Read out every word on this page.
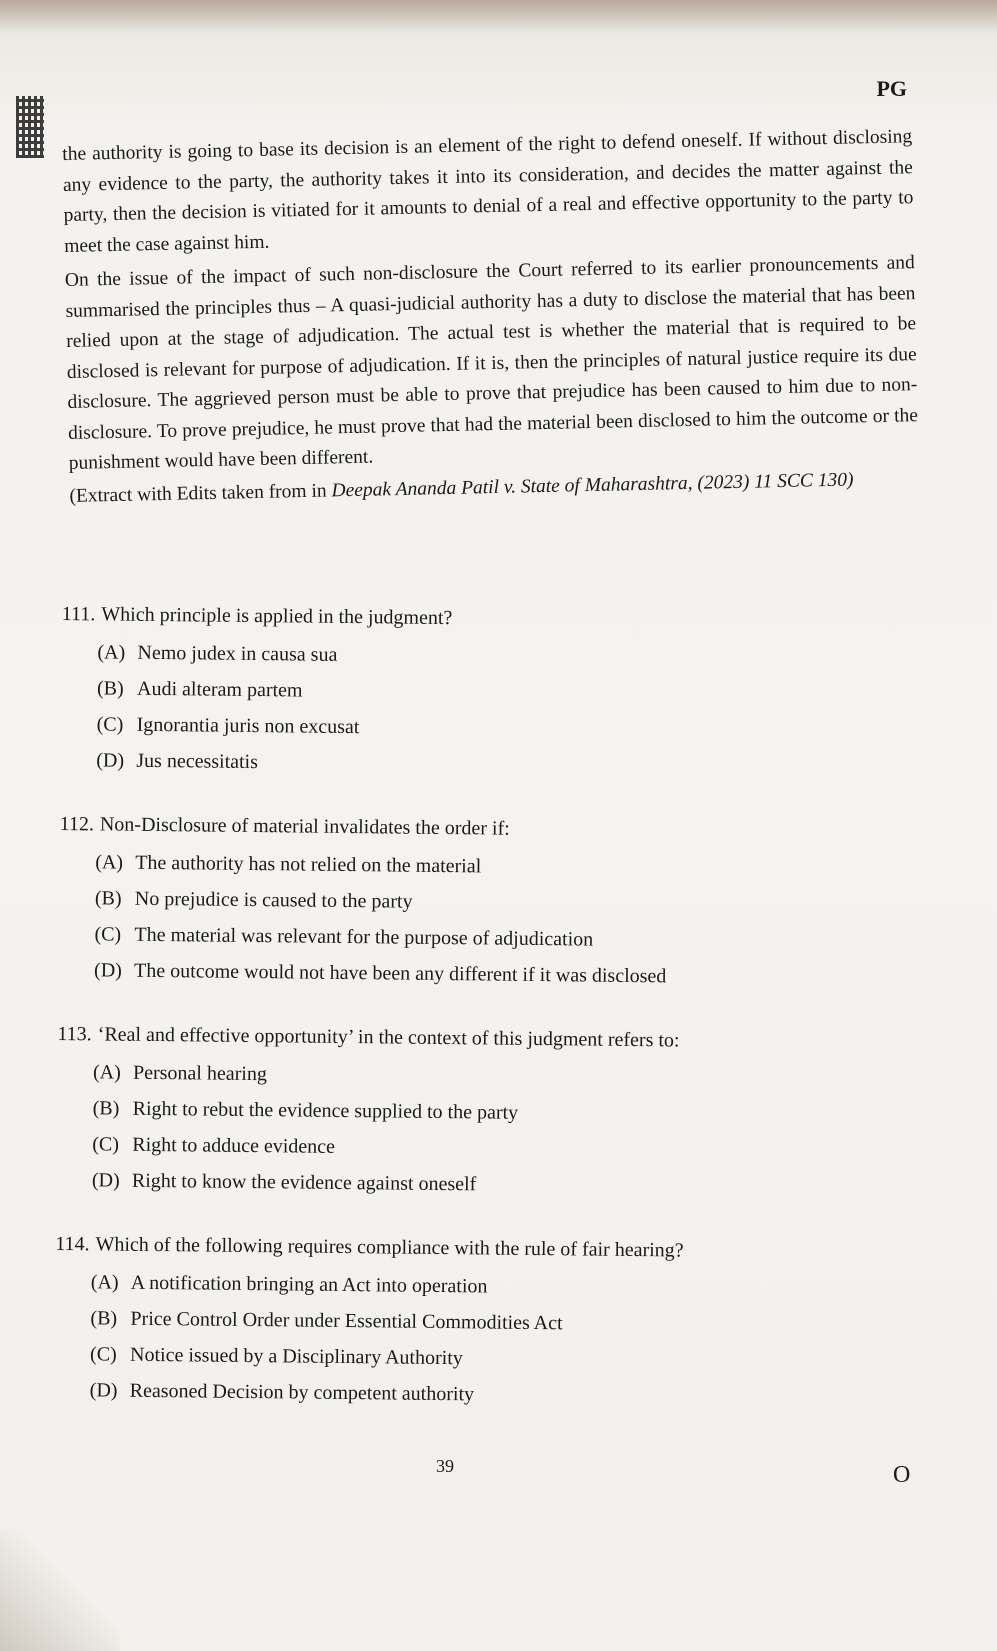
PG

the authority is going to base its decision is an element of the right to defend oneself. If without disclosing any evidence to the party, the authority takes it into its consideration, and decides the matter against the party, then the decision is vitiated for it amounts to denial of a real and effective opportunity to the party to meet the case against him.

On the issue of the impact of such non-disclosure the Court referred to its earlier pronouncements and summarised the principles thus – A quasi-judicial authority has a duty to disclose the material that has been relied upon at the stage of adjudication. The actual test is whether the material that is required to be disclosed is relevant for purpose of adjudication. If it is, then the principles of natural justice require its due disclosure. The aggrieved person must be able to prove that prejudice has been caused to him due to non-disclosure. To prove prejudice, he must prove that had the material been disclosed to him the outcome or the punishment would have been different.

(Extract with Edits taken from in Deepak Ananda Patil v. State of Maharashtra, (2023) 11 SCC 130)

111. Which principle is applied in the judgment?

(A) Nemo judex in causa sua
(B) Audi alteram partem
(C) Ignorantia juris non excusat
(D) Jus necessitatis

112. Non-Disclosure of material invalidates the order if:

(A) The authority has not relied on the material
(B) No prejudice is caused to the party
(C) The material was relevant for the purpose of adjudication
(D) The outcome would not have been any different if it was disclosed

113. ‘Real and effective opportunity’ in the context of this judgment refers to:

(A) Personal hearing
(B) Right to rebut the evidence supplied to the party
(C) Right to adduce evidence
(D) Right to know the evidence against oneself

114. Which of the following requires compliance with the rule of fair hearing?

(A) A notification bringing an Act into operation
(B) Price Control Order under Essential Commodities Act
(C) Notice issued by a Disciplinary Authority
(D) Reasoned Decision by competent authority
39	O
